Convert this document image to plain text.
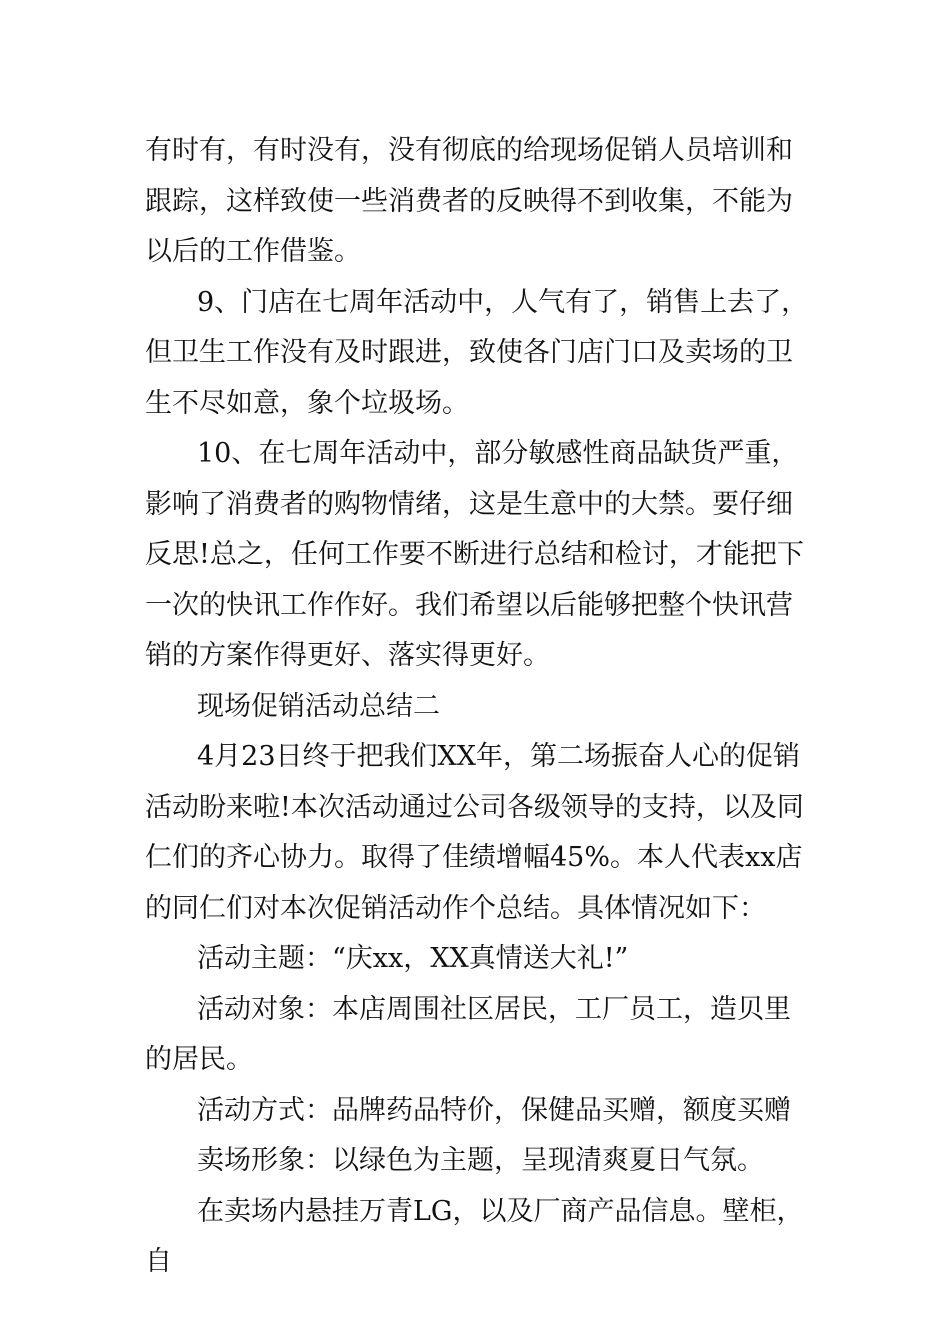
有时有，有时没有，没有彻底的给现场促销人员培训和跟踪，这样致使一些消费者的反映得不到收集，不能为以后的工作借鉴。

9、门店在七周年活动中，人气有了，销售上去了，但卫生工作没有及时跟进，致使各门店门口及卖场的卫生不尽如意，象个垃圾场。

10、在七周年活动中，部分敏感性商品缺货严重，影响了消费者的购物情绪，这是生意中的大禁。要仔细反思!总之，任何工作要不断进行总结和检讨，才能把下一次的快讯工作作好。我们希望以后能够把整个快讯营销的方案作得更好、落实得更好。

现场促销活动总结二

4月23日终于把我们XX年，第二场振奋人心的促销活动盼来啦!本次活动通过公司各级领导的支持，以及同仁们的齐心协力。取得了佳绩增幅45%。本人代表xx店的同仁们对本次促销活动作个总结。具体情况如下：

活动主题：“庆xx，XX真情送大礼!”

活动对象：本店周围社区居民，工厂员工，造贝里的居民。

活动方式：品牌药品特价，保健品买赠，额度买赠

卖场形象：以绿色为主题，呈现清爽夏日气氛。

在卖场内悬挂万青LG，以及厂商产品信息。壁柜，自
